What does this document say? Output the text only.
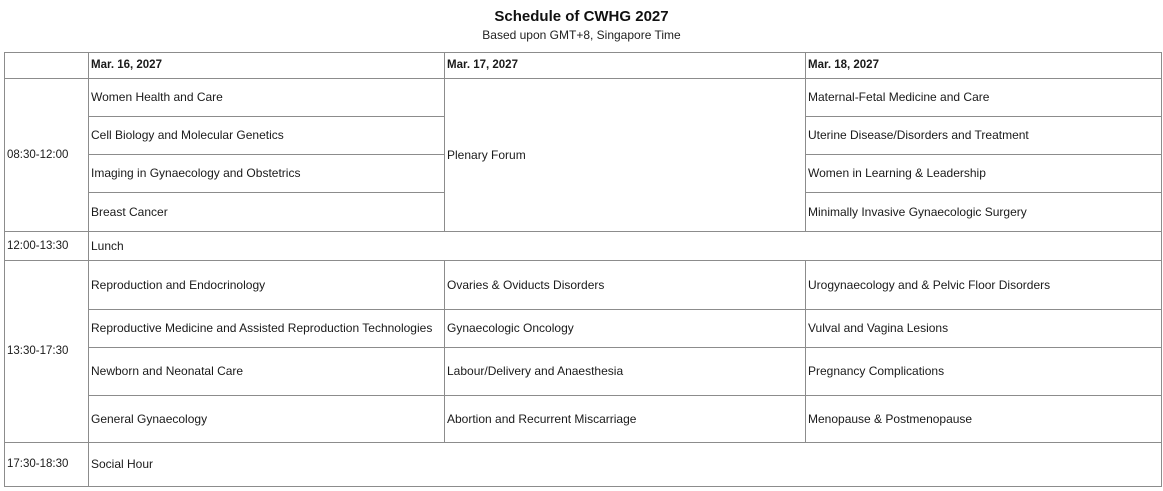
Schedule of CWHG 2027
Based upon GMT+8, Singapore Time
	Mar. 16, 2027	Mar. 17, 2027	Mar. 18, 2027
08:30-12:00	Women Health and Care	Plenary Forum	Maternal-Fetal Medicine and Care
	Cell Biology and Molecular Genetics		Uterine Disease/Disorders and Treatment
	Imaging in Gynaecology and Obstetrics		Women in Learning & Leadership
	Breast Cancer		Minimally Invasive Gynaecologic Surgery
12:00-13:30	Lunch		
13:30-17:30	Reproduction and Endocrinology	Ovaries & Oviducts Disorders	Urogynaecology and & Pelvic Floor Disorders
	Reproductive Medicine and Assisted Reproduction Technologies	Gynaecologic Oncology	Vulval and Vagina Lesions
	Newborn and Neonatal Care	Labour/Delivery and Anaesthesia	Pregnancy Complications
	General Gynaecology	Abortion and Recurrent Miscarriage	Menopause & Postmenopause
17:30-18:30	Social Hour		
